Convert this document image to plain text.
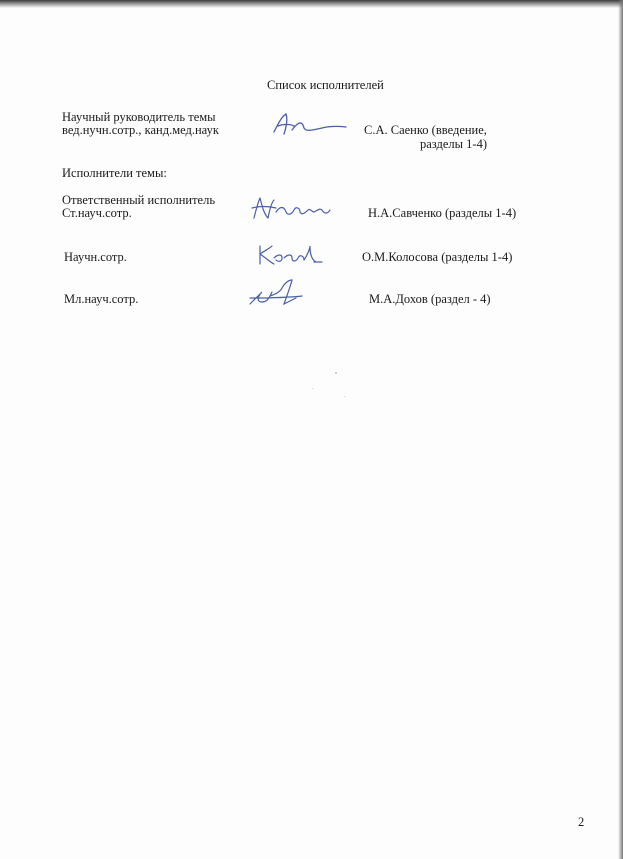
Список исполнителей
Научный руководитель темы
вед.нучн.сотр., канд.мед.наук	С.А. Саенко (введение,
разделы 1-4)
Исполнители темы:
Ответственный исполнитель
Ст.науч.сотр.	Н.А.Савченко (разделы 1-4)
Научн.сотр.	О.М.Колосова (разделы 1-4)
Мл.науч.сотр.	М.А.Дохов (раздел - 4)
2
